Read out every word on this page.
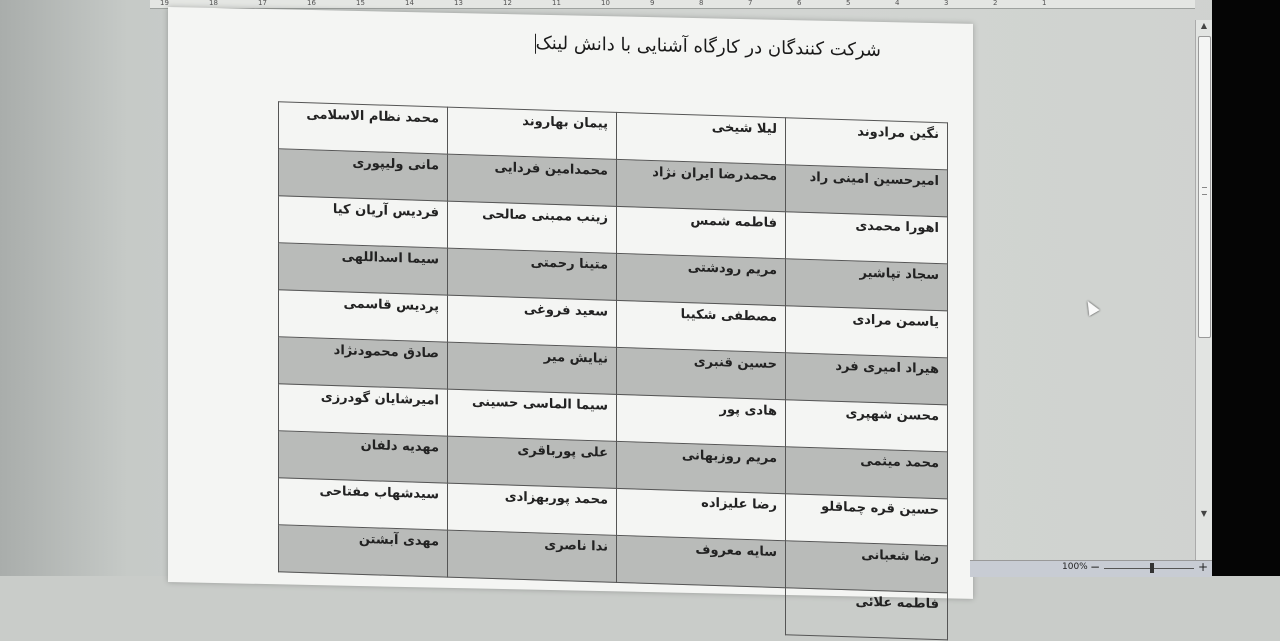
19	18	17	16	15	14	13	12	11	10	9	8	7	6	5	4	3	2	1
شرکت کنندگان در کارگاه آشنایی با دانش لینک
نگین مرادوند	لیلا شیخی	پیمان بهاروند	محمد نظام الاسلامی
امیرحسین امینی راد	محمدرضا ایران نژاد	محمدامین فردایی	مانی ولیپوری
اهورا محمدی	فاطمه شمس	زینب ممبنی صالحی	فردیس آریان کیا
سجاد تپاشیر	مریم رودشتی	متینا رحمتی	سیما اسداللهی
یاسمن مرادی	مصطفی شکیبا	سعید فروغی	پردیس قاسمی
هیراد امیری فرد	حسین قنبری	نیایش میر	صادق محمودنژاد
محسن شهپری	هادی پور	سیما الماسی حسینی	امیرشایان گودرزی
محمد میثمی	مریم روزبهانی	علی پورباقری	مهدیه دلفان
حسین قره چماقلو	رضا علیزاده	محمد پوربهزادی	سیدشهاب مفتاحی
رضا شعبانی	سایه معروف	ندا ناصری	مهدی آبشتن
فاطمه علائی			
▲
▼
100% −	+
